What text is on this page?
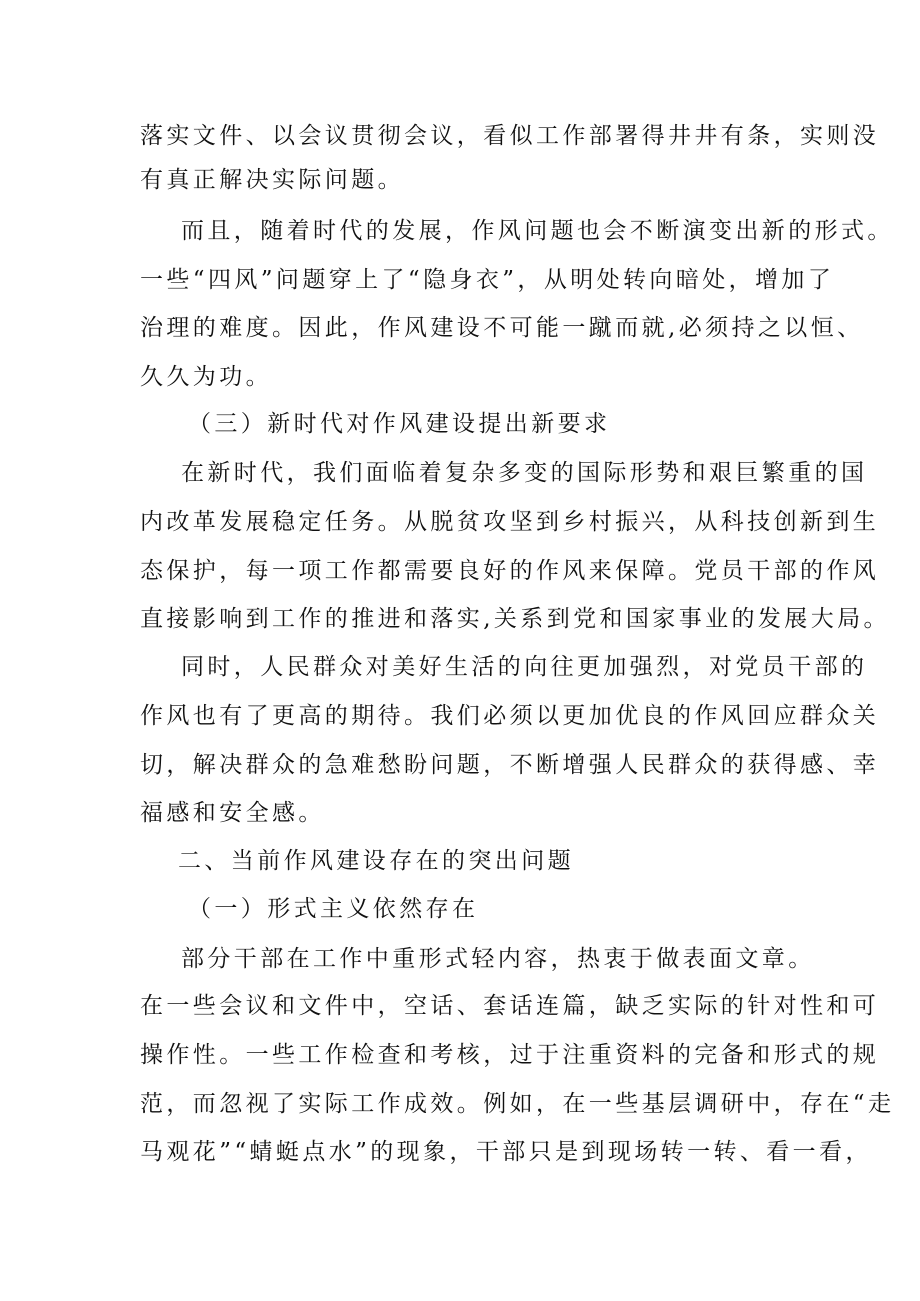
落实文件、以会议贯彻会议，看似工作部署得井井有条，实则没
有真正解决实际问题。
而且，随着时代的发展，作风问题也会不断演变出新的形式。
一些“四风”问题穿上了“隐身衣”，从明处转向暗处，增加了
治理的难度。因此，作风建设不可能一蹴而就,必须持之以恒、
久久为功。
（三）新时代对作风建设提出新要求
在新时代，我们面临着复杂多变的国际形势和艰巨繁重的国
内改革发展稳定任务。从脱贫攻坚到乡村振兴，从科技创新到生
态保护，每一项工作都需要良好的作风来保障。党员干部的作风
直接影响到工作的推进和落实,关系到党和国家事业的发展大局。
同时，人民群众对美好生活的向往更加强烈，对党员干部的
作风也有了更高的期待。我们必须以更加优良的作风回应群众关
切，解决群众的急难愁盼问题，不断增强人民群众的获得感、幸
福感和安全感。
二、当前作风建设存在的突出问题
（一）形式主义依然存在
部分干部在工作中重形式轻内容，热衷于做表面文章。
在一些会议和文件中，空话、套话连篇，缺乏实际的针对性和可
操作性。一些工作检查和考核，过于注重资料的完备和形式的规
范，而忽视了实际工作成效。例如，在一些基层调研中，存在“走
马观花”“蜻蜓点水”的现象，干部只是到现场转一转、看一看，
